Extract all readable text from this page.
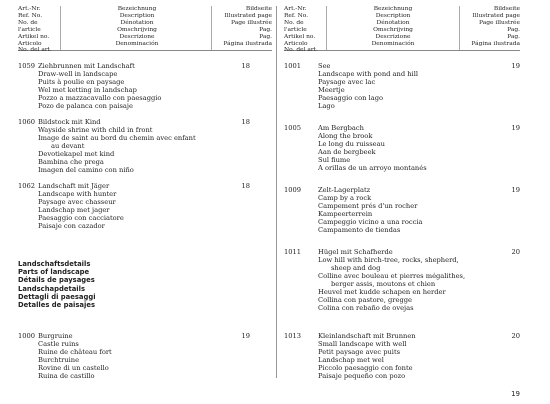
Art.-Nr.
Ref. No.
No. de l'article
Artikel no.
Articolo
No. del art.
Bezeichnung
Description
Dénotation
Omschrijving
Descrizione
Denominación
Bildseite
Illustrated page
Page illustrée
Pag.
Pag.
Página ilustrada
1059 Ziehbrunnen mit Landschaft
Draw-well in landscape
Puits à poulie en paysage
Wel met ketting in landschap
Pozzo a mazzacavallo con paesaggio
Pozo de palanca con paisaje
18
1060 Bildstock mit Kind
Wayside shrine with child in front
Image de saint au bord du chemin avec enfant
au devant
Devotiekapel met kind
Bambina che prega
Imagen del camino con niño
18
1062 Landschaft mit Jäger
Landscape with hunter
Paysage avec chasseur
Landschap met jager
Paesaggio con cacciatore
Paisaje con cazador
18
Landschaftsdetails
Parts of landscape
Détails de paysages
Landschapdetails
Dettagli di paesaggi
Detalles de paisajes
1000 Burgruine
Castle ruins
Ruine de château fort
Burchtruine
Rovine di un castello
Ruina de castillo
19
Art.-Nr.
Ref. No.
No. de l'article
Artikel no.
Articolo
No. del art.
Bezeichnung
Description
Dénotation
Omschrijving
Descrizione
Denominación
Bildseite
Illustrated page
Page illustrée
Pag.
Pag.
Página ilustrada
1001	See
Landscape with pond and hill
Paysage avec lac
Meertje
Paesaggio con lago
Lago
19
1005	Am Bergbach
Along the brook
Le long du ruisseau
Aan de bergbeek
Sul fiume
A orillas de un arroyo montanés
19
1009	Zelt-Lagerplatz
Camp by a rock
Campement prés d'un rocher
Kampeerterrein
Campeggio vicino a una roccia
Campamento de tiendas
19
1011	Hügel mit Schafherde
Low hill with birch-tree, rocks, shepherd,
sheep and dog
Colline avec bouleau et pierres mégalithes,
berger assis, moutons et chien
Heuvel met kudde schapen en herder
Collina con pastore, gregge
Colina con rebaño de ovejas
20
1013	Kleinlandschaft mit Brunnen
Small landscape with well
Petit paysage avec puits
Landschap met wel
Piccolo paesaggio con fonte
Paisaje pequeño con pozo
20
19
